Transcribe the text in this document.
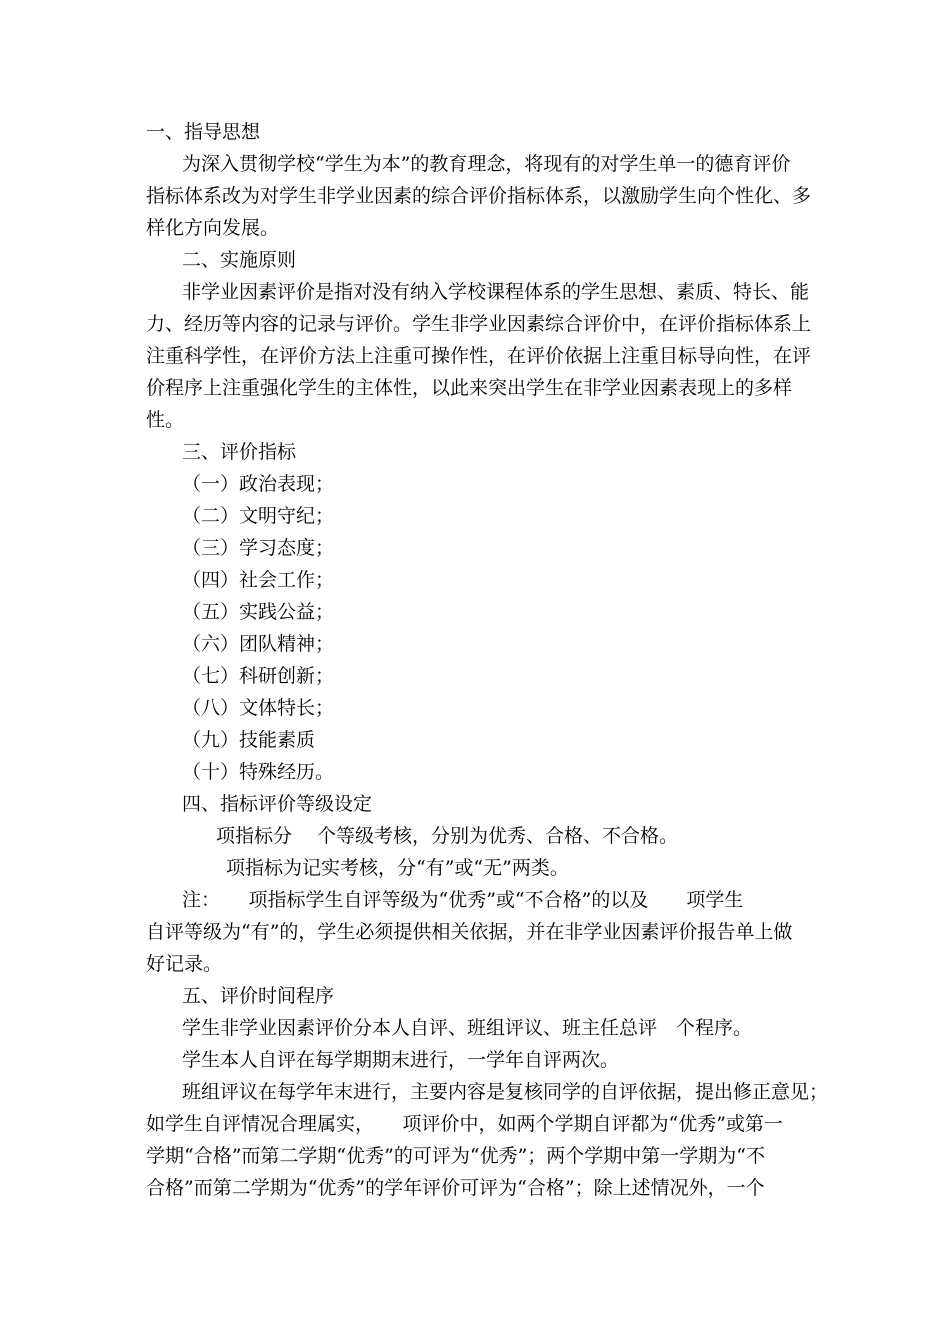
一、指导思想
为深入贯彻学校“学生为本”的教育理念，将现有的对学生单一的德育评价
指标体系改为对学生非学业因素的综合评价指标体系，以激励学生向个性化、多
样化方向发展。
二、实施原则
非学业因素评价是指对没有纳入学校课程体系的学生思想、素质、特长、能
力、经历等内容的记录与评价。学生非学业因素综合评价中，在评价指标体系上
注重科学性，在评价方法上注重可操作性，在评价依据上注重目标导向性，在评
价程序上注重强化学生的主体性，以此来突出学生在非学业因素表现上的多样
性。
三、评价指标
（一）政治表现；
（二）文明守纪；
（三）学习态度；
（四）社会工作；
（五）实践公益；
（六）团队精神；
（七）科研创新；
（八）文体特长；
（九）技能素质
（十）特殊经历。
四、指标评价等级设定
项指标分　 个等级考核，分别为优秀、合格、不合格。
项指标为记实考核，分“有”或“无”两类。
注：　　项指标学生自评等级为“优秀”或“不合格”的以及　　项学生
自评等级为“有”的，学生必须提供相关依据，并在非学业因素评价报告单上做
好记录。
五、评价时间程序
学生非学业因素评价分本人自评、班组评议、班主任总评　个程序。
学生本人自评在每学期期末进行，一学年自评两次。
班组评议在每学年末进行，主要内容是复核同学的自评依据，提出修正意见；
如学生自评情况合理属实，　　项评价中，如两个学期自评都为“优秀”或第一
学期“合格”而第二学期“优秀”的可评为“优秀”；两个学期中第一学期为“不
合格”而第二学期为“优秀”的学年评价可评为“合格”；除上述情况外，一个
